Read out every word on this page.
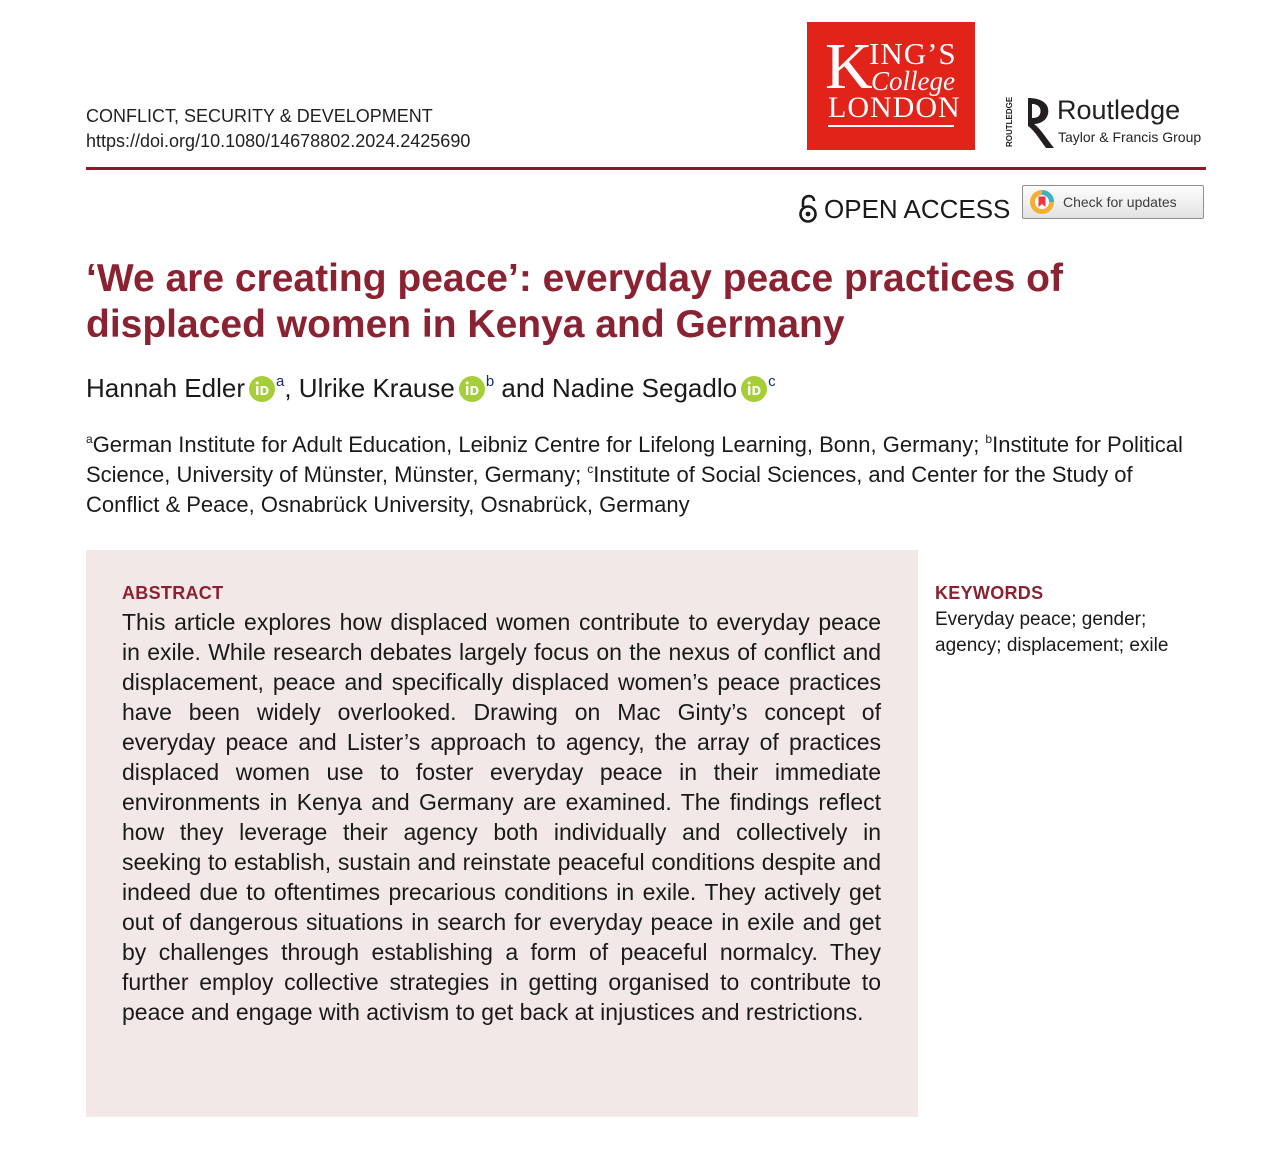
CONFLICT, SECURITY & DEVELOPMENT
https://doi.org/10.1080/14678802.2024.2425690
K
ING’S
College
LONDON	ROUTLEDGE	Routledge
Taylor & Francis Group
OPEN ACCESS	Check for updates
‘We are creating peace’: everyday peace practices of displaced women in Kenya and Germany
Hannah Edler $^a$, Ulrike Krause $^b$ and Nadine Segadlo $^c$
$^a$German Institute for Adult Education, Leibniz Centre for Lifelong Learning, Bonn, Germany; $^b$Institute for Political Science, University of Münster, Münster, Germany; $^c$Institute of Social Sciences, and Center for the Study of Conflict & Peace, Osnabrück University, Osnabrück, Germany
ABSTRACT
This article explores how displaced women contribute to everyday peace in exile. While research debates largely focus on the nexus of conflict and displacement, peace and specifically displaced women’s peace practices have been widely overlooked. Drawing on Mac Ginty’s concept of everyday peace and Lister’s approach to agency, the array of practices displaced women use to foster everyday peace in their immediate environments in Kenya and Germany are examined. The findings reflect how they leverage their agency both individually and collectively in seeking to establish, sustain and reinstate peaceful conditions despite and indeed due to oftentimes precarious conditions in exile. They actively get out of dangerous situations in search for everyday peace in exile and get by challenges through establishing a form of peaceful normalcy. They further employ collective strategies in getting organised to contribute to peace and engage with activism to get back at injustices and restrictions.
KEYWORDS
Everyday peace; gender; agency; displacement; exile
